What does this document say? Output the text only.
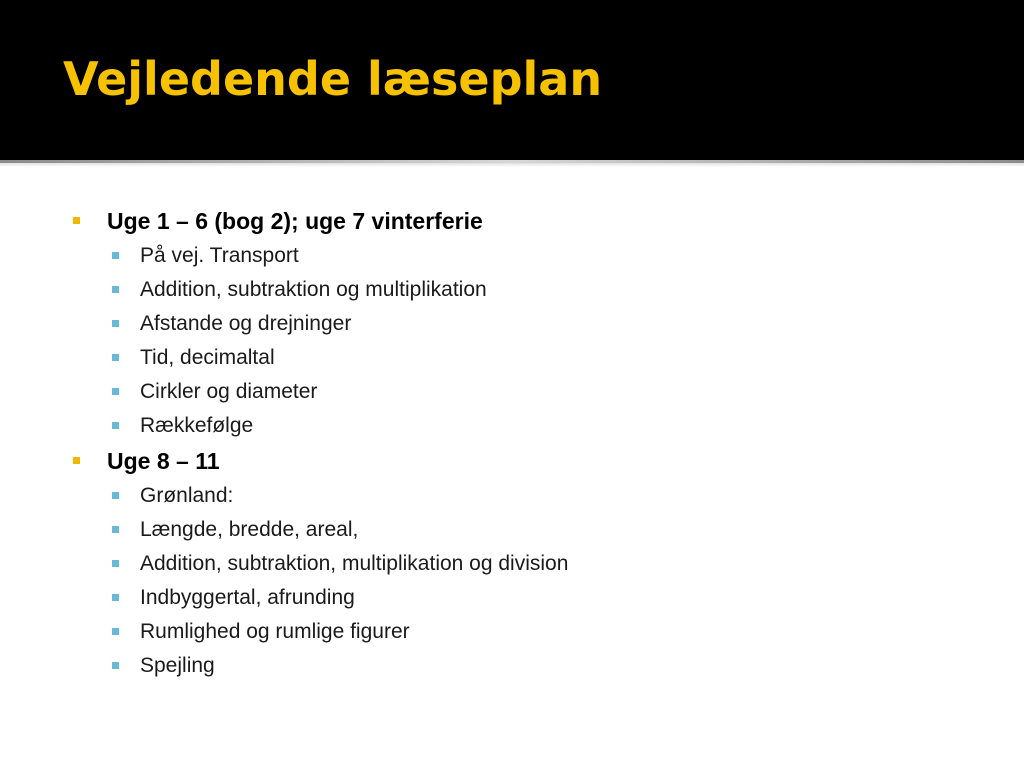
Vejledende læseplan
Uge 1 – 6 (bog 2); uge 7 vinterferie
På vej. Transport
Addition, subtraktion og multiplikation
Afstande og drejninger
Tid, decimaltal
Cirkler og diameter
Rækkefølge
Uge 8 – 11
Grønland:
Længde, bredde, areal,
Addition, subtraktion, multiplikation og division
Indbyggertal, afrunding
Rumlighed og rumlige figurer
Spejling
